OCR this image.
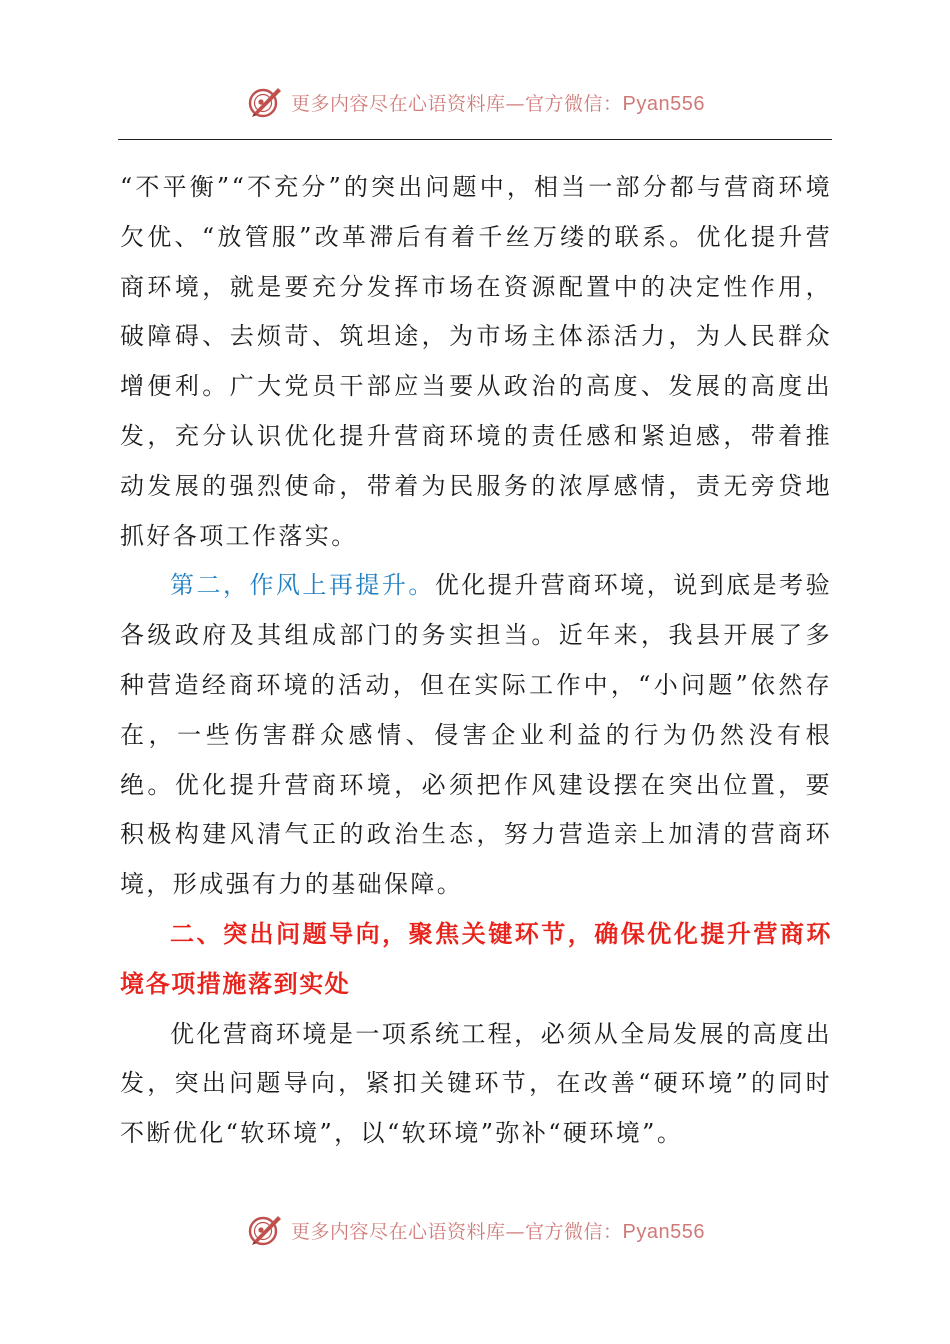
更多内容尽在心语资料库—官方微信：Pyan556

“不平衡”“不充分”的突出问题中，相当一部分都与营商环境欠优、“放管服”改革滞后有着千丝万缕的联系。优化提升营商环境，就是要充分发挥市场在资源配置中的决定性作用，破障碍、去烦苛、筑坦途，为市场主体添活力，为人民群众增便利。广大党员干部应当要从政治的高度、发展的高度出发，充分认识优化提升营商环境的责任感和紧迫感，带着推动发展的强烈使命，带着为民服务的浓厚感情，责无旁贷地抓好各项工作落实。

第二，作风上再提升。优化提升营商环境，说到底是考验各级政府及其组成部门的务实担当。近年来，我县开展了多种营造经商环境的活动，但在实际工作中，“小问题”依然存在，一些伤害群众感情、侵害企业利益的行为仍然没有根绝。优化提升营商环境，必须把作风建设摆在突出位置，要积极构建风清气正的政治生态，努力营造亲上加清的营商环境，形成强有力的基础保障。

二、突出问题导向，聚焦关键环节，确保优化提升营商环境各项措施落到实处

优化营商环境是一项系统工程，必须从全局发展的高度出发，突出问题导向，紧扣关键环节，在改善“硬环境”的同时不断优化“软环境”，以“软环境”弥补“硬环境”。

更多内容尽在心语资料库—官方微信：Pyan556
